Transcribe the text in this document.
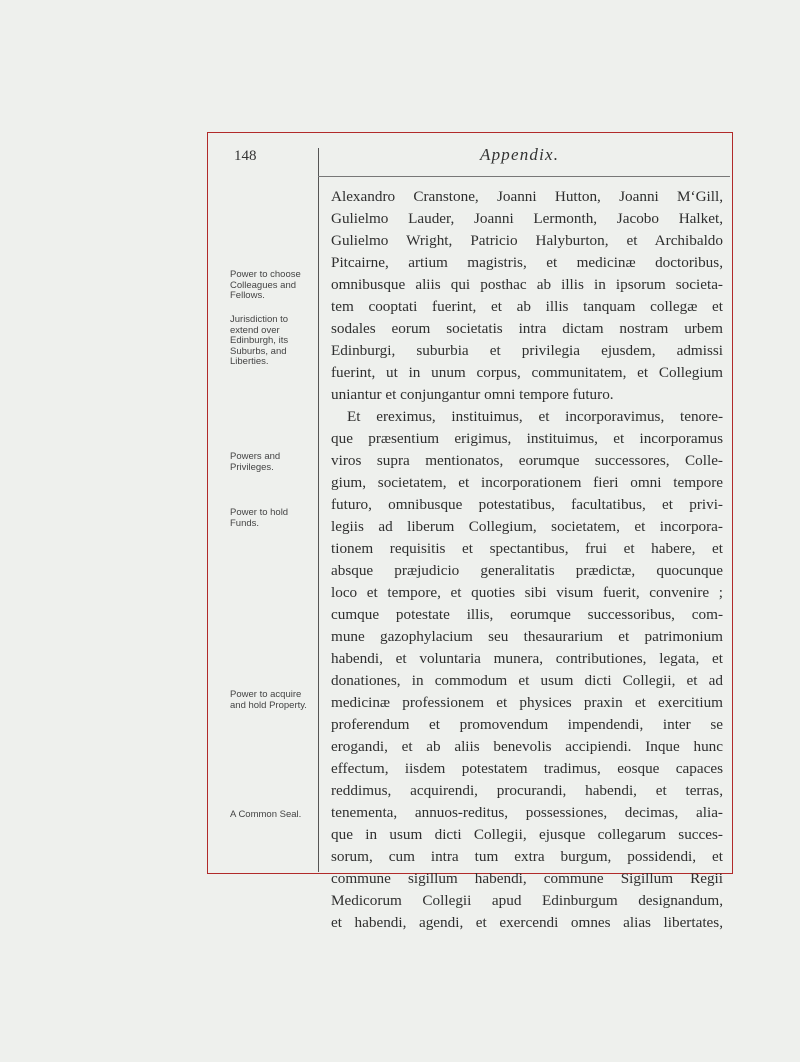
148	Appendix.

Power to choose Colleagues and Fellows.

Jurisdiction to extend over Edinburgh, its Suburbs, and Liberties.

Powers and Privileges.

Power to hold Funds.

Power to acquire and hold Property.

A Common Seal.

Alexandro Cranstone, Joanni Hutton, Joanni M‘Gill,
Gulielmo Lauder, Joanni Lermonth, Jacobo Halket,
Gulielmo Wright, Patricio Halyburton, et Archibaldo
Pitcairne, artium magistris, et medicinæ doctoribus,
omnibusque aliis qui posthac ab illis in ipsorum societa-
tem cooptati fuerint, et ab illis tanquam collegæ et
sodales eorum societatis intra dictam nostram urbem
Edinburgi, suburbia et privilegia ejusdem, admissi
fuerint, ut in unum corpus, communitatem, et Collegium
uniantur et conjungantur omni tempore futuro.
Et ereximus, instituimus, et incorporavimus, tenore-
que præsentium erigimus, instituimus, et incorporamus
viros supra mentionatos, eorumque successores, Colle-
gium, societatem, et incorporationem fieri omni tempore
futuro, omnibusque potestatibus, facultatibus, et privi-
legiis ad liberum Collegium, societatem, et incorpora-
tionem requisitis et spectantibus, frui et habere, et
absque præjudicio generalitatis prædictæ, quocunque
loco et tempore, et quoties sibi visum fuerit, convenire ;
cumque potestate illis, eorumque successoribus, com-
mune gazophylacium seu thesaurarium et patrimonium
habendi, et voluntaria munera, contributiones, legata, et
donationes, in commodum et usum dicti Collegii, et ad
medicinæ professionem et physices praxin et exercitium
proferendum et promovendum impendendi, inter se
erogandi, et ab aliis benevolis accipiendi. Inque hunc
effectum, iisdem potestatem tradimus, eosque capaces
reddimus, acquirendi, procurandi, habendi, et terras,
tenementa, annuos-reditus, possessiones, decimas, alia-
que in usum dicti Collegii, ejusque collegarum succes-
sorum, cum intra tum extra burgum, possidendi, et
commune sigillum habendi, commune Sigillum Regii
Medicorum Collegii apud Edinburgum designandum,
et habendi, agendi, et exercendi omnes alias libertates,
